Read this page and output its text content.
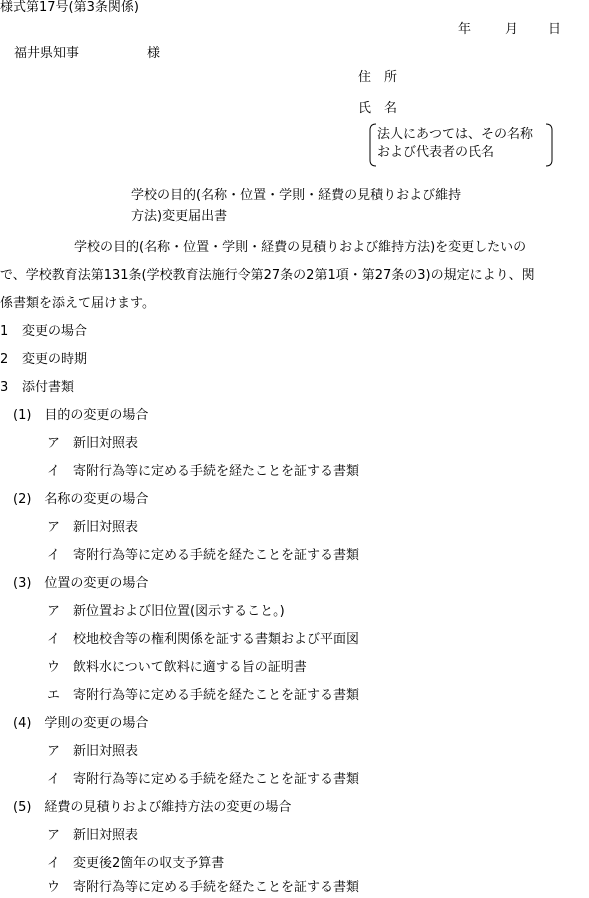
様式第17号(第3条関係)
年	月 日
福井県知事	様
住　所
氏　名
法人にあつては、その名称
および代表者の氏名
学校の目的(名称・位置・学則・経費の見積りおよび維持
方法)変更届出書
学校の目的(名称・位置・学則・経費の見積りおよび維持方法)を変更したいの
で、学校教育法第131条(学校教育法施行令第27条の2第1項・第27条の3)の規定により、関
係書類を添えて届けます。
1 変更の場合
2 変更の時期
3 添付書類
(1)　目的の変更の場合
ア　新旧対照表
イ　寄附行為等に定める手続を経たことを証する書類
(2)　名称の変更の場合
ア　新旧対照表
イ　寄附行為等に定める手続を経たことを証する書類
(3)　位置の変更の場合
ア　新位置および旧位置(図示すること。)
イ　校地校舎等の権利関係を証する書類および平面図
ウ　飲料水について飲料に適する旨の証明書
エ　寄附行為等に定める手続を経たことを証する書類
(4)　学則の変更の場合
ア　新旧対照表
イ　寄附行為等に定める手続を経たことを証する書類
(5)　経費の見積りおよび維持方法の変更の場合
ア　新旧対照表
イ　変更後2箇年の収支予算書
ウ　寄附行為等に定める手続を経たことを証する書類
